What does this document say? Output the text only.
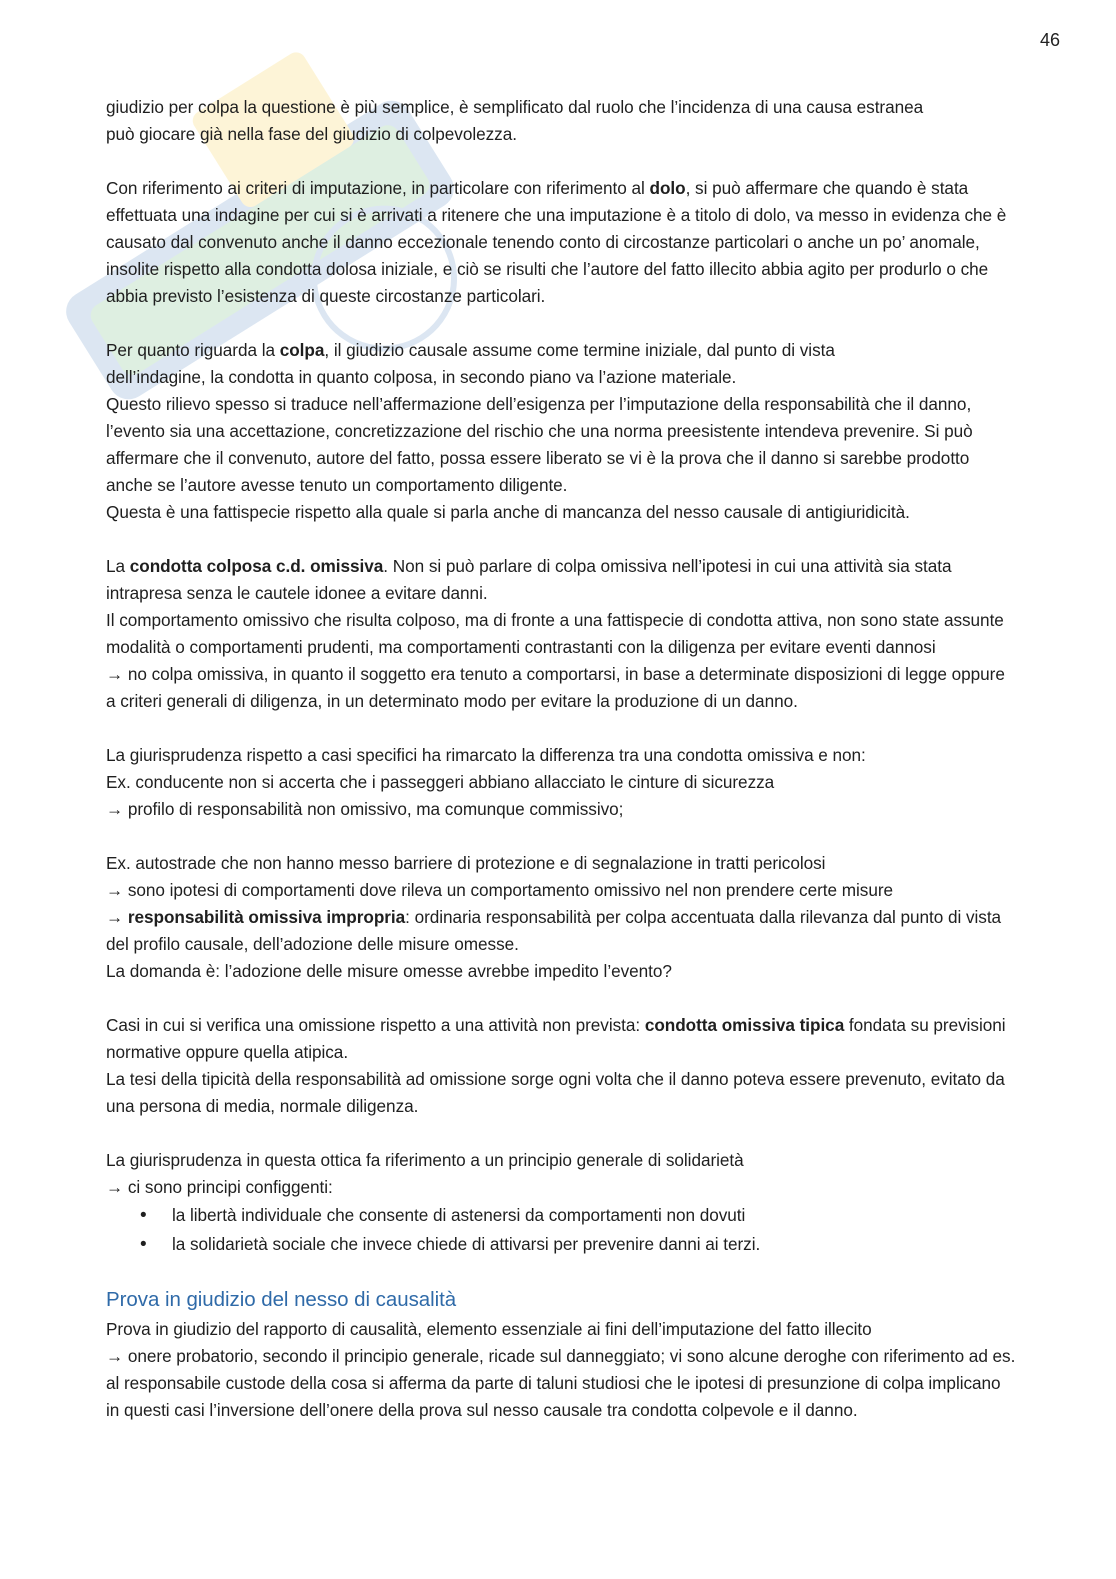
46

giudizio per colpa la questione è più semplice, è semplificato dal ruolo che l’incidenza di una causa estranea
può giocare già nella fase del giudizio di colpevolezza.

Con riferimento ai criteri di imputazione, in particolare con riferimento al dolo, si può affermare che quando è stata effettuata una indagine per cui si è arrivati a ritenere che una imputazione è a titolo di dolo, va messo in evidenza che è causato dal convenuto anche il danno eccezionale tenendo conto di circostanze particolari o anche un po’ anomale, insolite rispetto alla condotta dolosa iniziale, e ciò se risulti che l’autore del fatto illecito abbia agito per produrlo o che abbia previsto l’esistenza di queste circostanze particolari.

Per quanto riguarda la colpa, il giudizio causale assume come termine iniziale, dal punto di vista
dell’indagine, la condotta in quanto colposa, in secondo piano va l’azione materiale.
Questo rilievo spesso si traduce nell’affermazione dell’esigenza per l’imputazione della responsabilità che il danno, l’evento sia una accettazione, concretizzazione del rischio che una norma preesistente intendeva prevenire. Si può affermare che il convenuto, autore del fatto, possa essere liberato se vi è la prova che il danno si sarebbe prodotto anche se l’autore avesse tenuto un comportamento diligente.
Questa è una fattispecie rispetto alla quale si parla anche di mancanza del nesso causale di antigiuridicità.

La condotta colposa c.d. omissiva. Non si può parlare di colpa omissiva nell’ipotesi in cui una attività sia stata intrapresa senza le cautele idonee a evitare danni.
Il comportamento omissivo che risulta colposo, ma di fronte a una fattispecie di condotta attiva, non sono state assunte modalità o comportamenti prudenti, ma comportamenti contrastanti con la diligenza per evitare eventi dannosi
→ no colpa omissiva, in quanto il soggetto era tenuto a comportarsi, in base a determinate disposizioni di legge oppure a criteri generali di diligenza, in un determinato modo per evitare la produzione di un danno.

La giurisprudenza rispetto a casi specifici ha rimarcato la differenza tra una condotta omissiva e non:
Ex. conducente non si accerta che i passeggeri abbiano allacciato le cinture di sicurezza
→ profilo di responsabilità non omissivo, ma comunque commissivo;

Ex. autostrade che non hanno messo barriere di protezione e di segnalazione in tratti pericolosi
→ sono ipotesi di comportamenti dove rileva un comportamento omissivo nel non prendere certe misure
→ responsabilità omissiva impropria: ordinaria responsabilità per colpa accentuata dalla rilevanza dal punto di vista del profilo causale, dell’adozione delle misure omesse.
La domanda è: l’adozione delle misure omesse avrebbe impedito l’evento?

Casi in cui si verifica una omissione rispetto a una attività non prevista: condotta omissiva tipica fondata su previsioni normative oppure quella atipica.
La tesi della tipicità della responsabilità ad omissione sorge ogni volta che il danno poteva essere prevenuto, evitato da una persona di media, normale diligenza.

La giurisprudenza in questa ottica fa riferimento a un principio generale di solidarietà
→ ci sono principi configgenti:

• la libertà individuale che consente di astenersi da comportamenti non dovuti
• la solidarietà sociale che invece chiede di attivarsi per prevenire danni ai terzi.
Prova in giudizio del nesso di causalità

Prova in giudizio del rapporto di causalità, elemento essenziale ai fini dell’imputazione del fatto illecito
→ onere probatorio, secondo il principio generale, ricade sul danneggiato; vi sono alcune deroghe con riferimento ad es. al responsabile custode della cosa si afferma da parte di taluni studiosi che le ipotesi di presunzione di colpa implicano in questi casi l’inversione dell’onere della prova sul nesso causale tra condotta colpevole e il danno.
